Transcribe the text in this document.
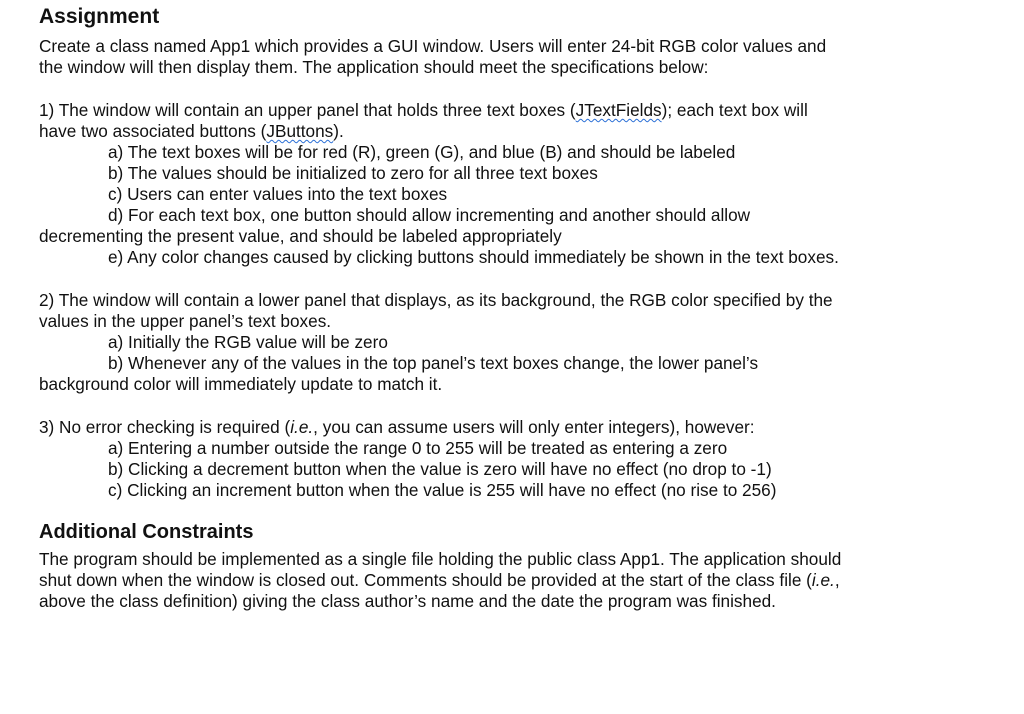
Assignment
Create a class named App1 which provides a GUI window. Users will enter 24-bit RGB color values and
the window will then display them. The application should meet the specifications below:
1) The window will contain an upper panel that holds three text boxes (JTextFields); each text box will
have two associated buttons (JButtons).
a) The text boxes will be for red (R), green (G), and blue (B) and should be labeled
b) The values should be initialized to zero for all three text boxes
c) Users can enter values into the text boxes
d) For each text box, one button should allow incrementing and another should allow
decrementing the present value, and should be labeled appropriately
e) Any color changes caused by clicking buttons should immediately be shown in the text boxes.
2) The window will contain a lower panel that displays, as its background, the RGB color specified by the
values in the upper panel’s text boxes.
a) Initially the RGB value will be zero
b) Whenever any of the values in the top panel’s text boxes change, the lower panel’s
background color will immediately update to match it.
3) No error checking is required (i.e., you can assume users will only enter integers), however:
a) Entering a number outside the range 0 to 255 will be treated as entering a zero
b) Clicking a decrement button when the value is zero will have no effect (no drop to -1)
c) Clicking an increment button when the value is 255 will have no effect (no rise to 256)
Additional Constraints
The program should be implemented as a single file holding the public class App1. The application should
shut down when the window is closed out. Comments should be provided at the start of the class file (i.e.,
above the class definition) giving the class author’s name and the date the program was finished.
